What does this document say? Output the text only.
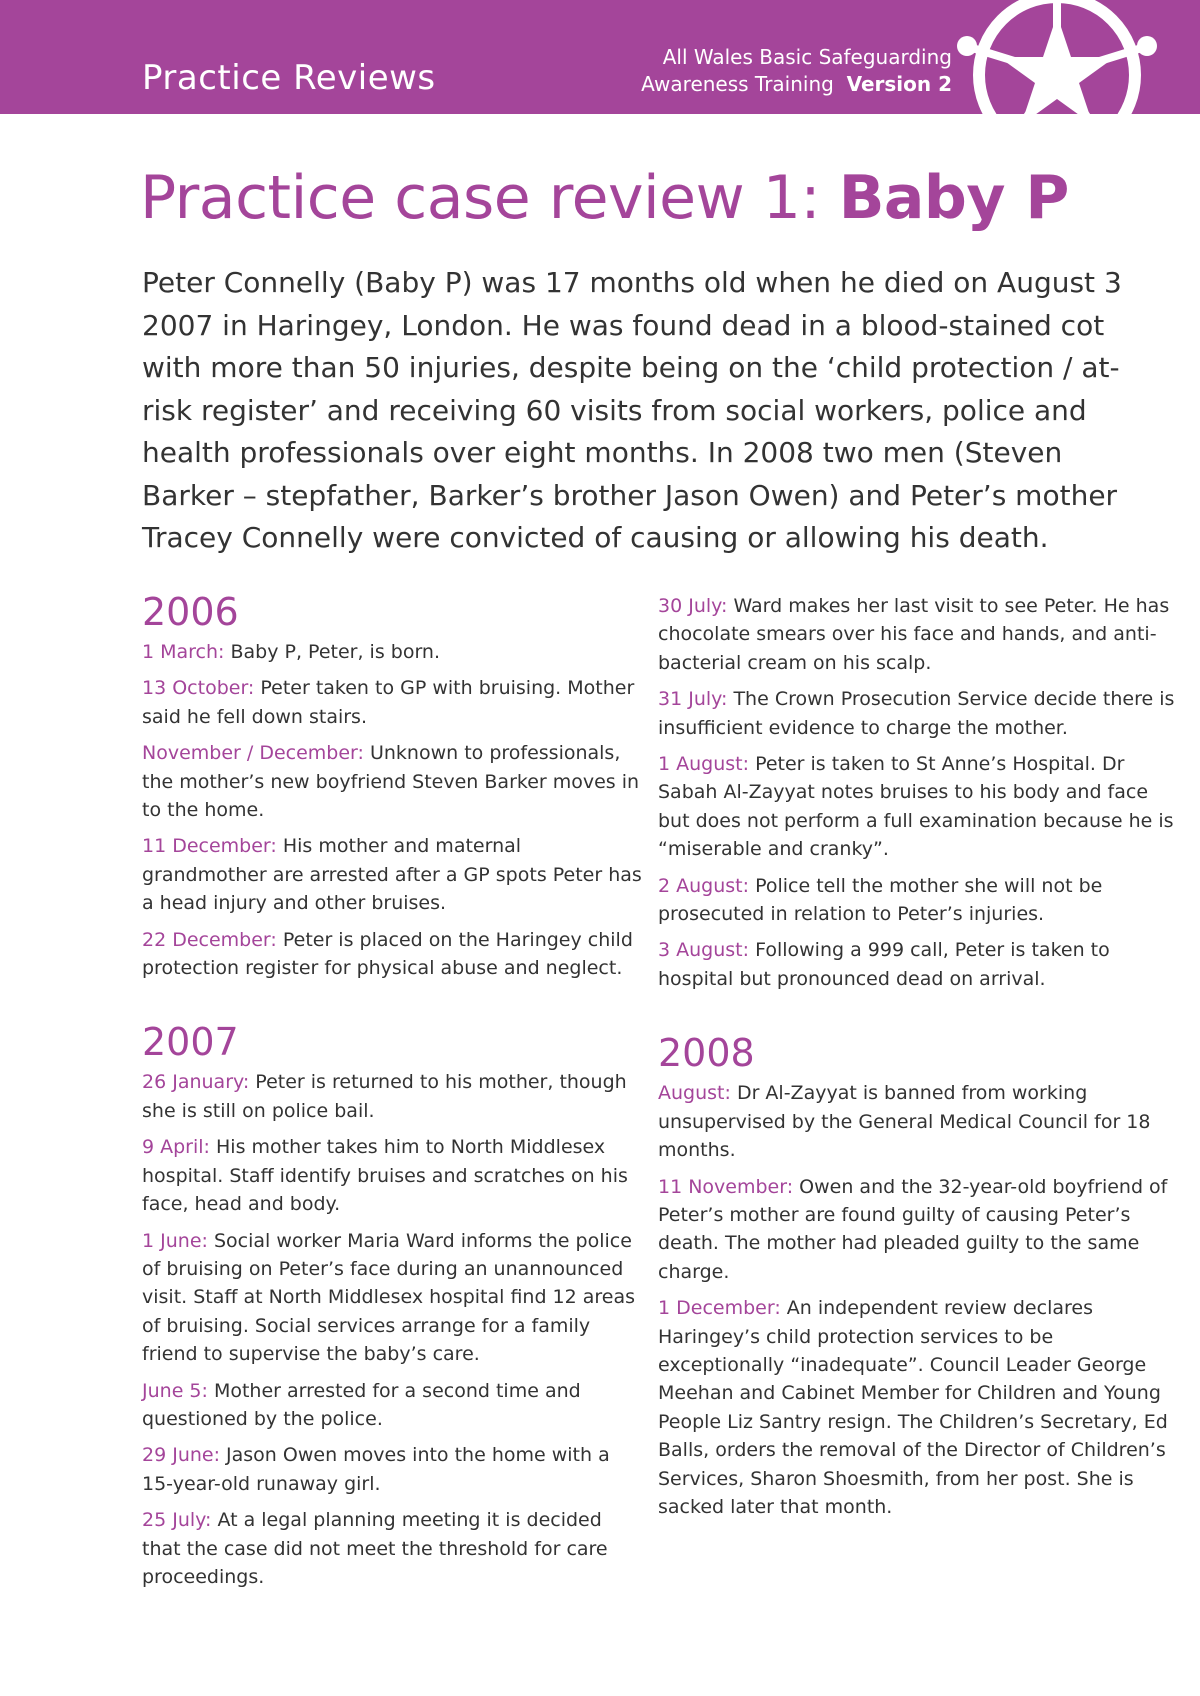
Practice Reviews
All Wales Basic Safeguarding
Awareness Training Version 2
Practice case review 1: Baby P

Peter Connelly (Baby P) was 17 months old when he died on August 3 2007 in Haringey, London. He was found dead in a blood-stained cot with more than 50 injuries, despite being on the ‘child protection / at-risk register’ and receiving 60 visits from social workers, police and health professionals over eight months. In 2008 two men (Steven Barker – stepfather, Barker’s brother Jason Owen) and Peter’s mother Tracey Connelly were convicted of causing or allowing his death.

2006

1 March: Baby P, Peter, is born.

13 October: Peter taken to GP with bruising. Mother said he fell down stairs.

November / December: Unknown to professionals, the mother’s new boyfriend Steven Barker moves in to the home.

11 December: His mother and maternal grandmother are arrested after a GP spots Peter has a head injury and other bruises.

22 December: Peter is placed on the Haringey child protection register for physical abuse and neglect.

2007

26 January: Peter is returned to his mother, though she is still on police bail.

9 April: His mother takes him to North Middlesex hospital. Staff identify bruises and scratches on his face, head and body.

1 June: Social worker Maria Ward informs the police of bruising on Peter’s face during an unannounced visit. Staff at North Middlesex hospital find 12 areas of bruising. Social services arrange for a family friend to supervise the baby’s care.

June 5: Mother arrested for a second time and questioned by the police.

29 June: Jason Owen moves into the home with a 15-year-old runaway girl.

25 July: At a legal planning meeting it is decided that the case did not meet the threshold for care proceedings.

30 July: Ward makes her last visit to see Peter. He has chocolate smears over his face and hands, and anti-bacterial cream on his scalp.

31 July: The Crown Prosecution Service decide there is insufficient evidence to charge the mother.

1 August: Peter is taken to St Anne’s Hospital. Dr Sabah Al-Zayyat notes bruises to his body and face but does not perform a full examination because he is “miserable and cranky”.

2 August: Police tell the mother she will not be prosecuted in relation to Peter’s injuries.

3 August: Following a 999 call, Peter is taken to hospital but pronounced dead on arrival.

2008

August: Dr Al-Zayyat is banned from working unsupervised by the General Medical Council for 18 months.

11 November: Owen and the 32-year-old boyfriend of Peter’s mother are found guilty of causing Peter’s death. The mother had pleaded guilty to the same charge.

1 December: An independent review declares Haringey’s child protection services to be exceptionally “inadequate”. Council Leader George Meehan and Cabinet Member for Children and Young People Liz Santry resign. The Children’s Secretary, Ed Balls, orders the removal of the Director of Children’s Services, Sharon Shoesmith, from her post. She is sacked later that month.
